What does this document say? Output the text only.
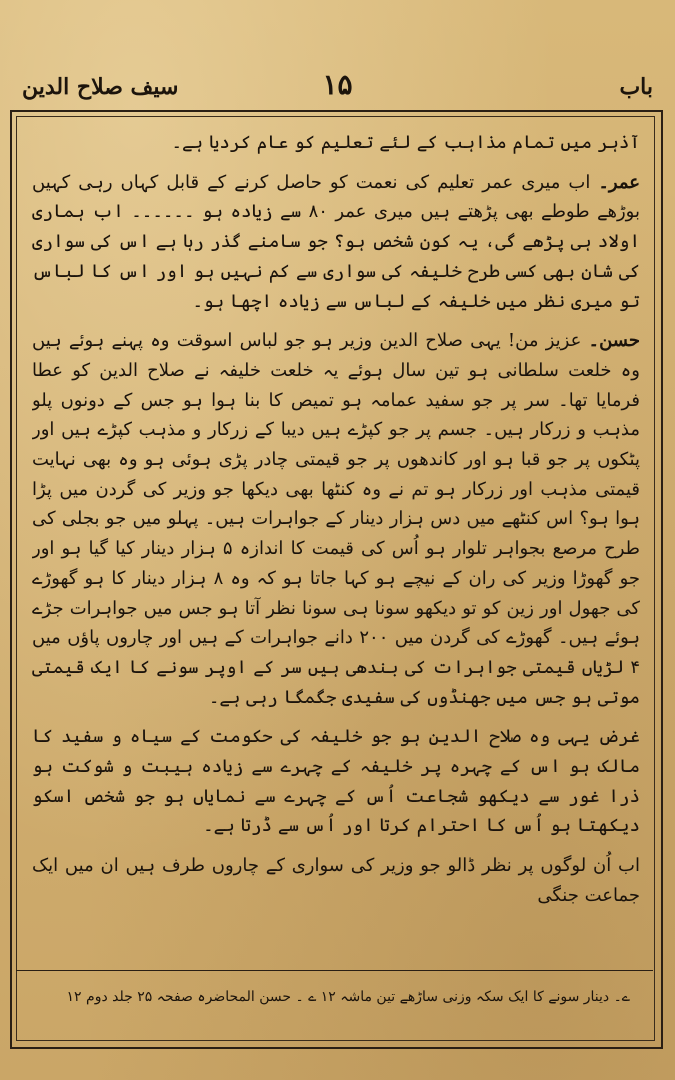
باب
۱۵
سیف صلاح الدین

آذہر میں تمام مذاہب کے لئے تعلیم کو عام کردیا ہے۔

عمر۔ اب میری عمر تعلیم کی نعمت کو حاصل کرنے کے قابل کہاں رہی کہیں بوڑھے طوطے بھی پڑھتے ہیں میری عمر ۸۰ سے زیادہ ہو ۔۔۔۔۔۔ اب ہماری اولاد ہی پڑھے گی، یہ کون شخص ہو؟ جو سامنے گذر رہا ہے اس کی سواری کی شان بھی کسی طرح خلیفہ کی سواری سے کم نہیں ہو اور اس کا لباس تو میری نظر میں خلیفہ کے لباس سے زیادہ اچھا ہو۔

حسن۔ عزیز من! یہی صلاح الدین وزیر ہو جو لباس اسوقت وہ پہنے ہوئے ہیں وہ خلعت سلطانی ہو تین سال ہوئے یہ خلعت خلیفہ نے صلاح الدین کو عطا فرمایا تھا۔ سر پر جو سفید عمامہ ہو تمیص کا بنا ہوا ہو جس کے دونوں پلو مذہب و زرکار ہیں۔ جسم پر جو کپڑے ہیں دیبا کے زرکار و مذہب کپڑے ہیں اور پٹکوں پر جو قبا ہو اور کاندھوں پر جو قیمتی چادر پڑی ہوئی ہو وہ بھی نہایت قیمتی مذہب اور زرکار ہو تم نے وہ کنٹھا بھی دیکھا جو وزیر کی گردن میں پڑا ہوا ہو؟ اس کنٹھے میں دس ہزار دینار کے جواہرات ہیں۔ پہلو میں جو بجلی کی طرح مرصع بجواہر تلوار ہو اُس کی قیمت کا اندازہ ۵ ہزار دینار کیا گیا ہو اور جو گھوڑا وزیر کی ران کے نیچے ہو کہا جاتا ہو کہ وہ ۸ ہزار دینار کا ہو گھوڑے کی جھول اور زین کو تو دیکھو سونا ہی سونا نظر آتا ہو جس میں جواہرات جڑے ہوئے ہیں۔ گھوڑے کی گردن میں ۲۰۰ دانے جواہرات کے ہیں اور چاروں پاؤں میں ۴ لڑیاں قیمتی جواہرات کی بندھی ہیں سر کے اوپر سونے کا ایک قیمتی موتی ہو جس میں جھنڈوں کی سفیدی جگمگا رہی ہے۔

غرض یہی وہ صلاح الدین ہو جو خلیفہ کی حکومت کے سیاہ و سفید کا مالک ہو اس کے چہرہ پر خلیفہ کے چہرے سے زیادہ ہیبت و شوکت ہو ذرا غور سے دیکھو شجاعت اُس کے چہرے سے نمایاں ہو جو شخص اسکو دیکھتا ہو اُس کا احترام کرتا اور اُس سے ڈرتا ہے۔

اب اُن لوگوں پر نظر ڈالو جو وزیر کی سواری کے چاروں طرف ہیں ان میں ایک جماعت جنگی

ے۔ دینار سونے کا ایک سکہ وزنی ساڑھے تین ماشہ ۱۲ ے ۔ حسن المحاضرہ صفحہ ۲۵ جلد دوم ۱۲
